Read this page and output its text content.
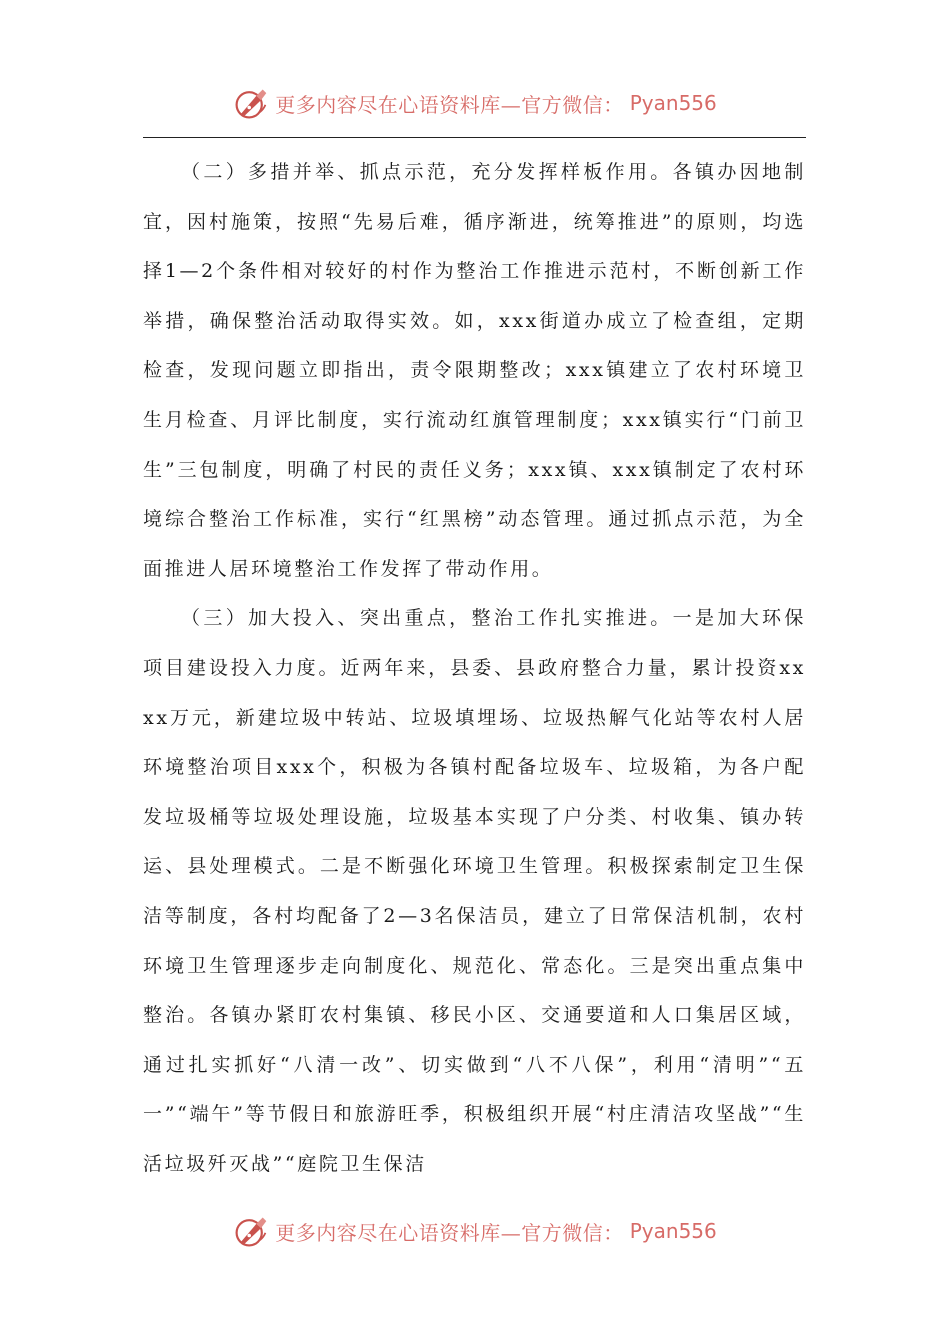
更多内容尽在心语资料库—官方微信： Pyan556

（二）多措并举、抓点示范，充分发挥样板作用。各镇办因地制宜，因村施策，按照“先易后难，循序渐进，统筹推进”的原则，均选择1—2个条件相对较好的村作为整治工作推进示范村，不断创新工作举措，确保整治活动取得实效。如，xxx街道办成立了检查组，定期检查，发现问题立即指出，责令限期整改；xxx镇建立了农村环境卫生月检查、月评比制度，实行流动红旗管理制度；xxx镇实行“门前卫生”三包制度，明确了村民的责任义务；xxx镇、xxx镇制定了农村环境综合整治工作标准，实行“红黑榜”动态管理。通过抓点示范，为全面推进人居环境整治工作发挥了带动作用。

（三）加大投入、突出重点，整治工作扎实推进。一是加大环保项目建设投入力度。近两年来，县委、县政府整合力量，累计投资xxxx万元，新建垃圾中转站、垃圾填埋场、垃圾热解气化站等农村人居环境整治项目xxx个，积极为各镇村配备垃圾车、垃圾箱，为各户配发垃圾桶等垃圾处理设施，垃圾基本实现了户分类、村收集、镇办转运、县处理模式。二是不断强化环境卫生管理。积极探索制定卫生保洁等制度，各村均配备了2—3名保洁员，建立了日常保洁机制，农村环境卫生管理逐步走向制度化、规范化、常态化。三是突出重点集中整治。各镇办紧盯农村集镇、移民小区、交通要道和人口集居区域，通过扎实抓好“八清一改”、切实做到“八不八保”，利用“清明”“五一”“端午”等节假日和旅游旺季，积极组织开展“村庄清洁攻坚战”“生活垃圾歼灭战”“庭院卫生保洁

更多内容尽在心语资料库—官方微信： Pyan556
